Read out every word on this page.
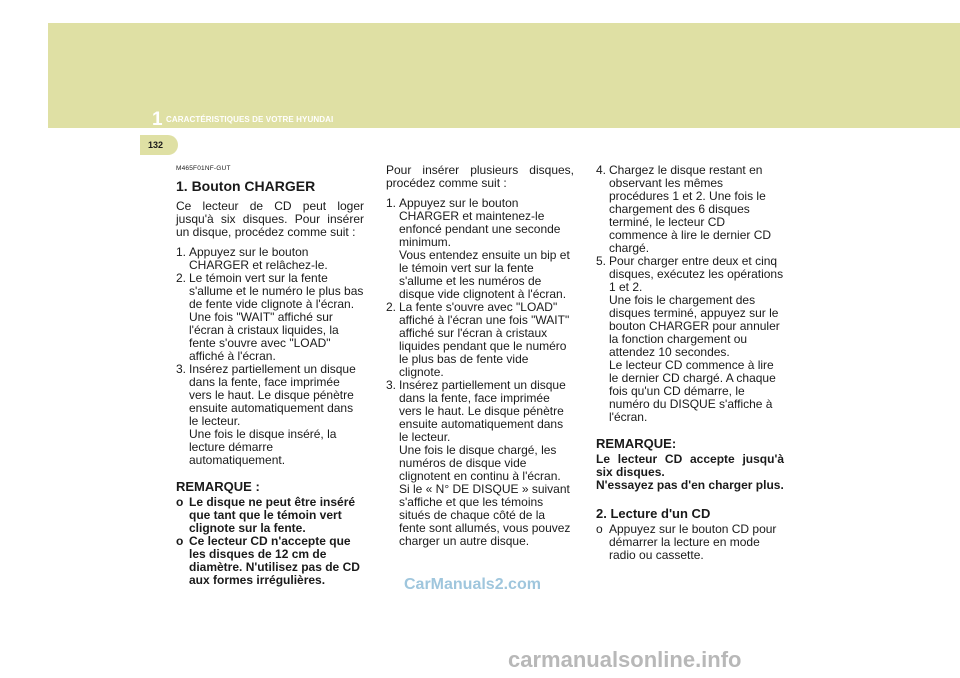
1 CARACTÉRISTIQUES DE VOTRE HYUNDAI
132
M465F01NF-GUT
1. Bouton CHARGER

Ce lecteur de CD peut loger jusqu'à six disques. Pour insérer un disque, procédez comme suit :

1. Appuyez sur le bouton CHARGER et relâchez-le.
2. Le témoin vert sur la fente s'allume et le numéro le plus bas de fente vide clignote à l'écran.
Une fois "WAIT" affiché sur l'écran à cristaux liquides, la fente s'ouvre avec "LOAD" affiché à l'écran.
3. Insérez partiellement un disque dans la fente, face imprimée vers le haut. Le disque pénètre ensuite automatiquement dans le lecteur.
Une fois le disque inséré, la lecture démarre automatiquement.
REMARQUE :
o Le disque ne peut être inséré que tant que le témoin vert clignote sur la fente.
o Ce lecteur CD n'accepte que les disques de 12 cm de diamètre. N'utilisez pas de CD aux formes irrégulières.

Pour insérer plusieurs disques, procédez comme suit :

1. Appuyez sur le bouton CHARGER et maintenez-le enfoncé pendant une seconde minimum.
Vous entendez ensuite un bip et le témoin vert sur la fente s'allume et les numéros de disque vide clignotent à l'écran.
2. La fente s'ouvre avec "LOAD" affiché à l'écran une fois "WAIT" affiché sur l'écran à cristaux liquides pendant que le numéro le plus bas de fente vide clignote.
3. Insérez partiellement un disque dans la fente, face imprimée vers le haut. Le disque pénètre ensuite automatiquement dans le lecteur.
Une fois le disque chargé, les numéros de disque vide clignotent en continu à l'écran.
Si le « N° DE DISQUE » suivant s'affiche et que les témoins situés de chaque côté de la fente sont allumés, vous pouvez charger un autre disque.
4. Chargez le disque restant en observant les mêmes procédures 1 et 2. Une fois le chargement des 6 disques terminé, le lecteur CD commence à lire le dernier CD chargé.
5. Pour charger entre deux et cinq disques, exécutez les opérations 1 et 2.
Une fois le chargement des disques terminé, appuyez sur le bouton CHARGER pour annuler la fonction chargement ou attendez 10 secondes.
Le lecteur CD commence à lire le dernier CD chargé. A chaque fois qu'un CD démarre, le numéro du DISQUE s'affiche à l'écran.
REMARQUE:

Le lecteur CD accepte jusqu'à six disques.

N'essayez pas d'en charger plus.

2. Lecture d'un CD
o Appuyez sur le bouton CD pour démarrer la lecture en mode radio ou cassette.
CarManuals2.com
carmanualsonline.info
